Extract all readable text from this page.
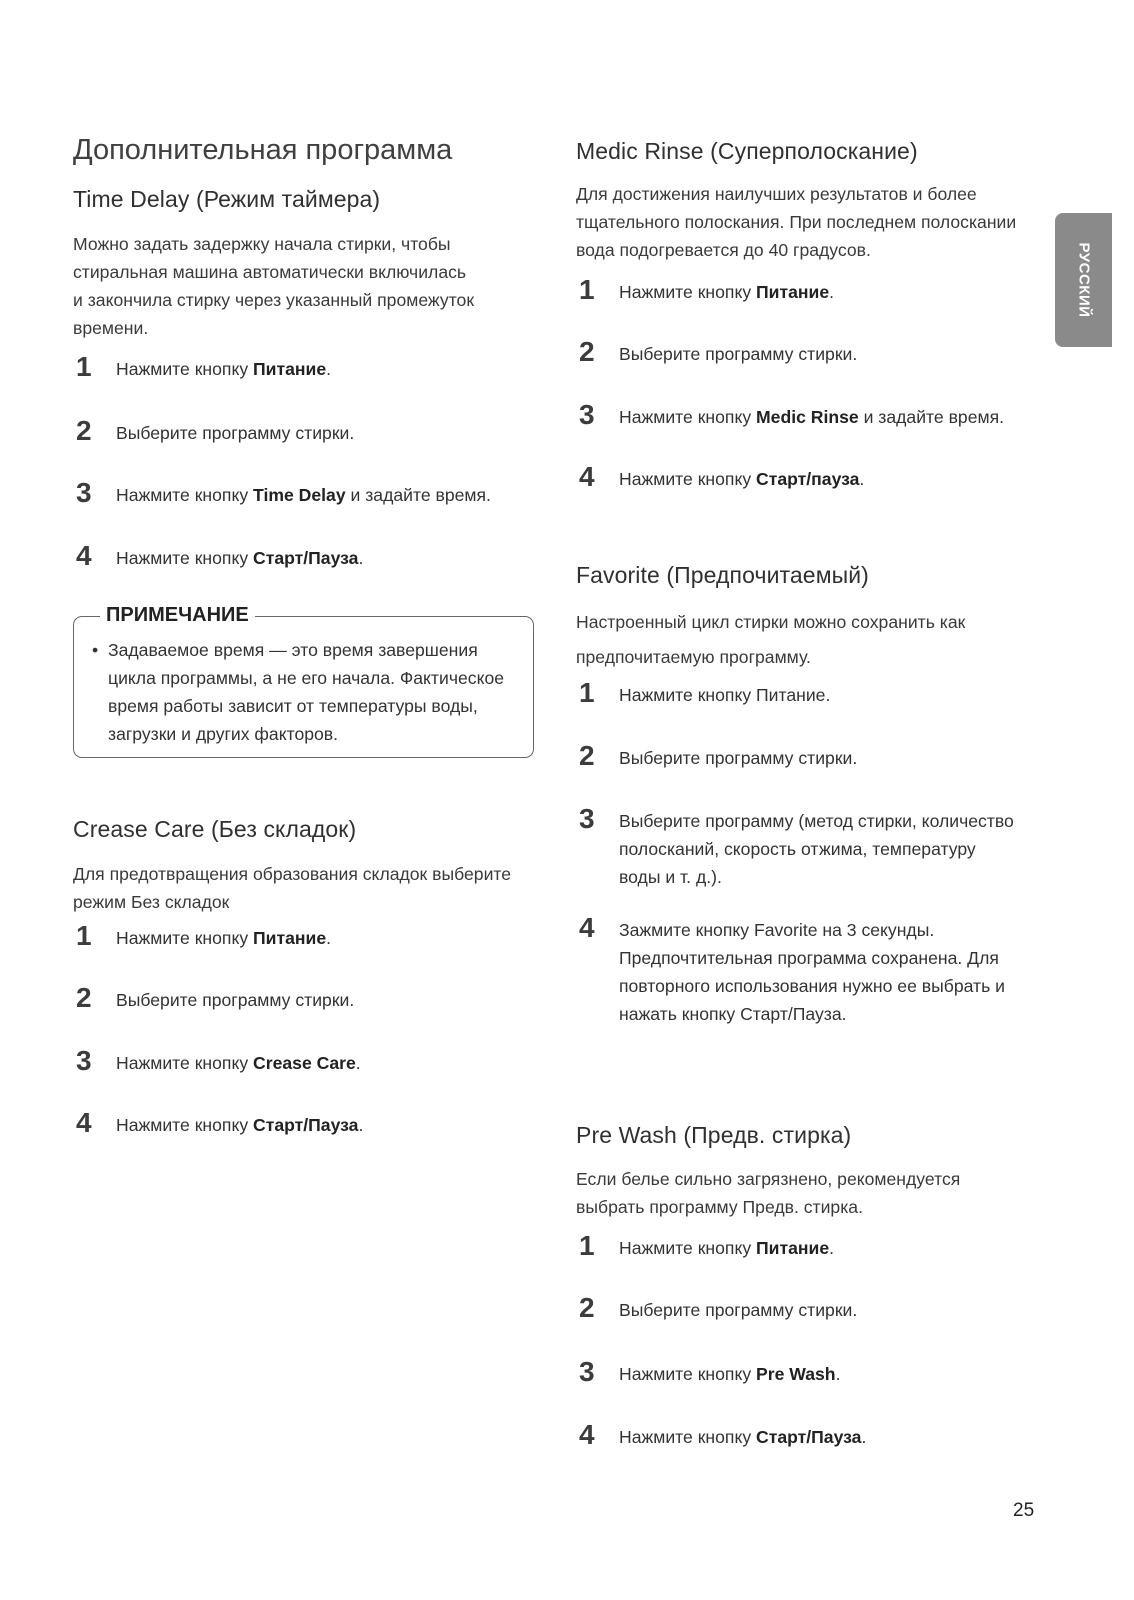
Дополнительная программа
РУССКИЙ
Time Delay (Режим таймера)
Можно задать задержку начала стирки, чтобы
стиральная машина автоматически включилась
и закончила стирку через указанный промежуток
времени.
1	Нажмите кнопку Питание.
2	Выберите программу стирки.
3	Нажмите кнопку Time Delay и задайте время.
4	Нажмите кнопку Старт/Пауза.
ПРИМЕЧАНИЕ
• Задаваемое время — это время завершения
цикла программы, а не его начала. Фактическое
время работы зависит от температуры воды,
загрузки и других факторов.
Crease Care (Без складок)
Для предотвращения образования складок выберите
режим Без складок
1	Нажмите кнопку Питание.
2	Выберите программу стирки.
3	Нажмите кнопку Crease Care.
4	Нажмите кнопку Старт/Пауза.
Medic Rinse (Суперполоскание)
Для достижения наилучших результатов и более
тщательного полоскания. При последнем полоскании
вода подогревается до 40 градусов.
1	Нажмите кнопку Питание.
2	Выберите программу стирки.
3	Нажмите кнопку Medic Rinse и задайте время.
4	Нажмите кнопку Старт/пауза.
Favorite (Предпочитаемый)
Настроенный цикл стирки можно сохранить как
предпочитаемую программу.
1	Нажмите кнопку Питание.
2	Выберите программу стирки.
3	Выберите программу (метод стирки, количество
полосканий, скорость отжима, температуру
воды и т. д.).
4	Зажмите кнопку Favorite на 3 секунды.
Предпочтительная программа сохранена. Для
повторного использования нужно ее выбрать и
нажать кнопку Старт/Пауза.
Pre Wash (Предв. стирка)
Если белье сильно загрязнено, рекомендуется
выбрать программу Предв. стирка.
1	Нажмите кнопку Питание.
2	Выберите программу стирки.
3	Нажмите кнопку Pre Wash.
4	Нажмите кнопку Старт/Пауза.
25
